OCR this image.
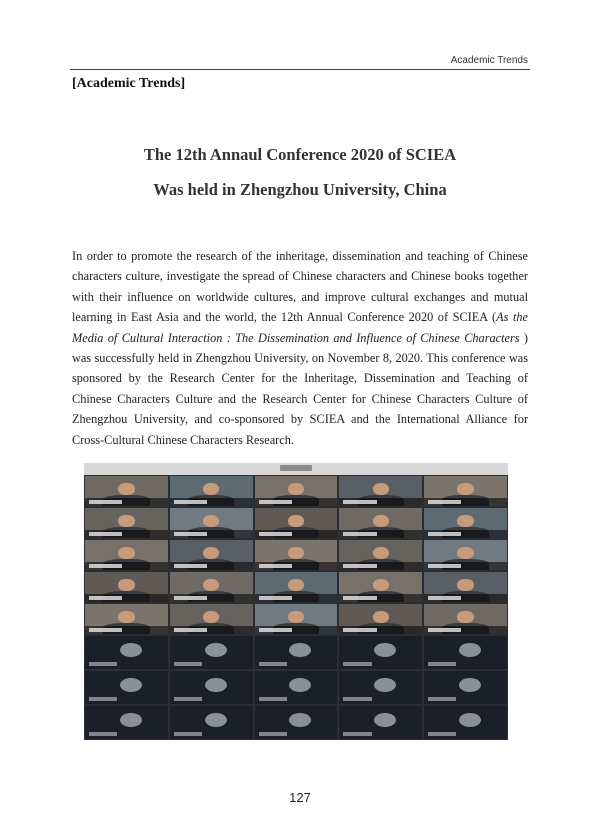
Academic Trends
[Academic Trends]
The 12th Annaul Conference 2020 of SCIEA
Was held in Zhengzhou University, China
In order to promote the research of the inheritage, dissemination and teaching of Chinese characters culture, investigate the spread of Chinese characters and Chinese books together with their influence on worldwide cultures, and improve cultural exchanges and mutual learning in East Asia and the world, the 12th Annual Conference 2020 of SCIEA (As the Media of Cultural Interaction : The Dissemination and Influence of Chinese Characters ) was successfully held in Zhengzhou University, on November 8, 2020. This conference was sponsored by the Research Center for the Inheritage, Dissemination and Teaching of Chinese Characters Culture and the Research Center for Chinese Characters Culture of Zhengzhou University, and co-sponsored by SCIEA and the International Alliance for Cross-Cultural Chinese Characters Research.
127
